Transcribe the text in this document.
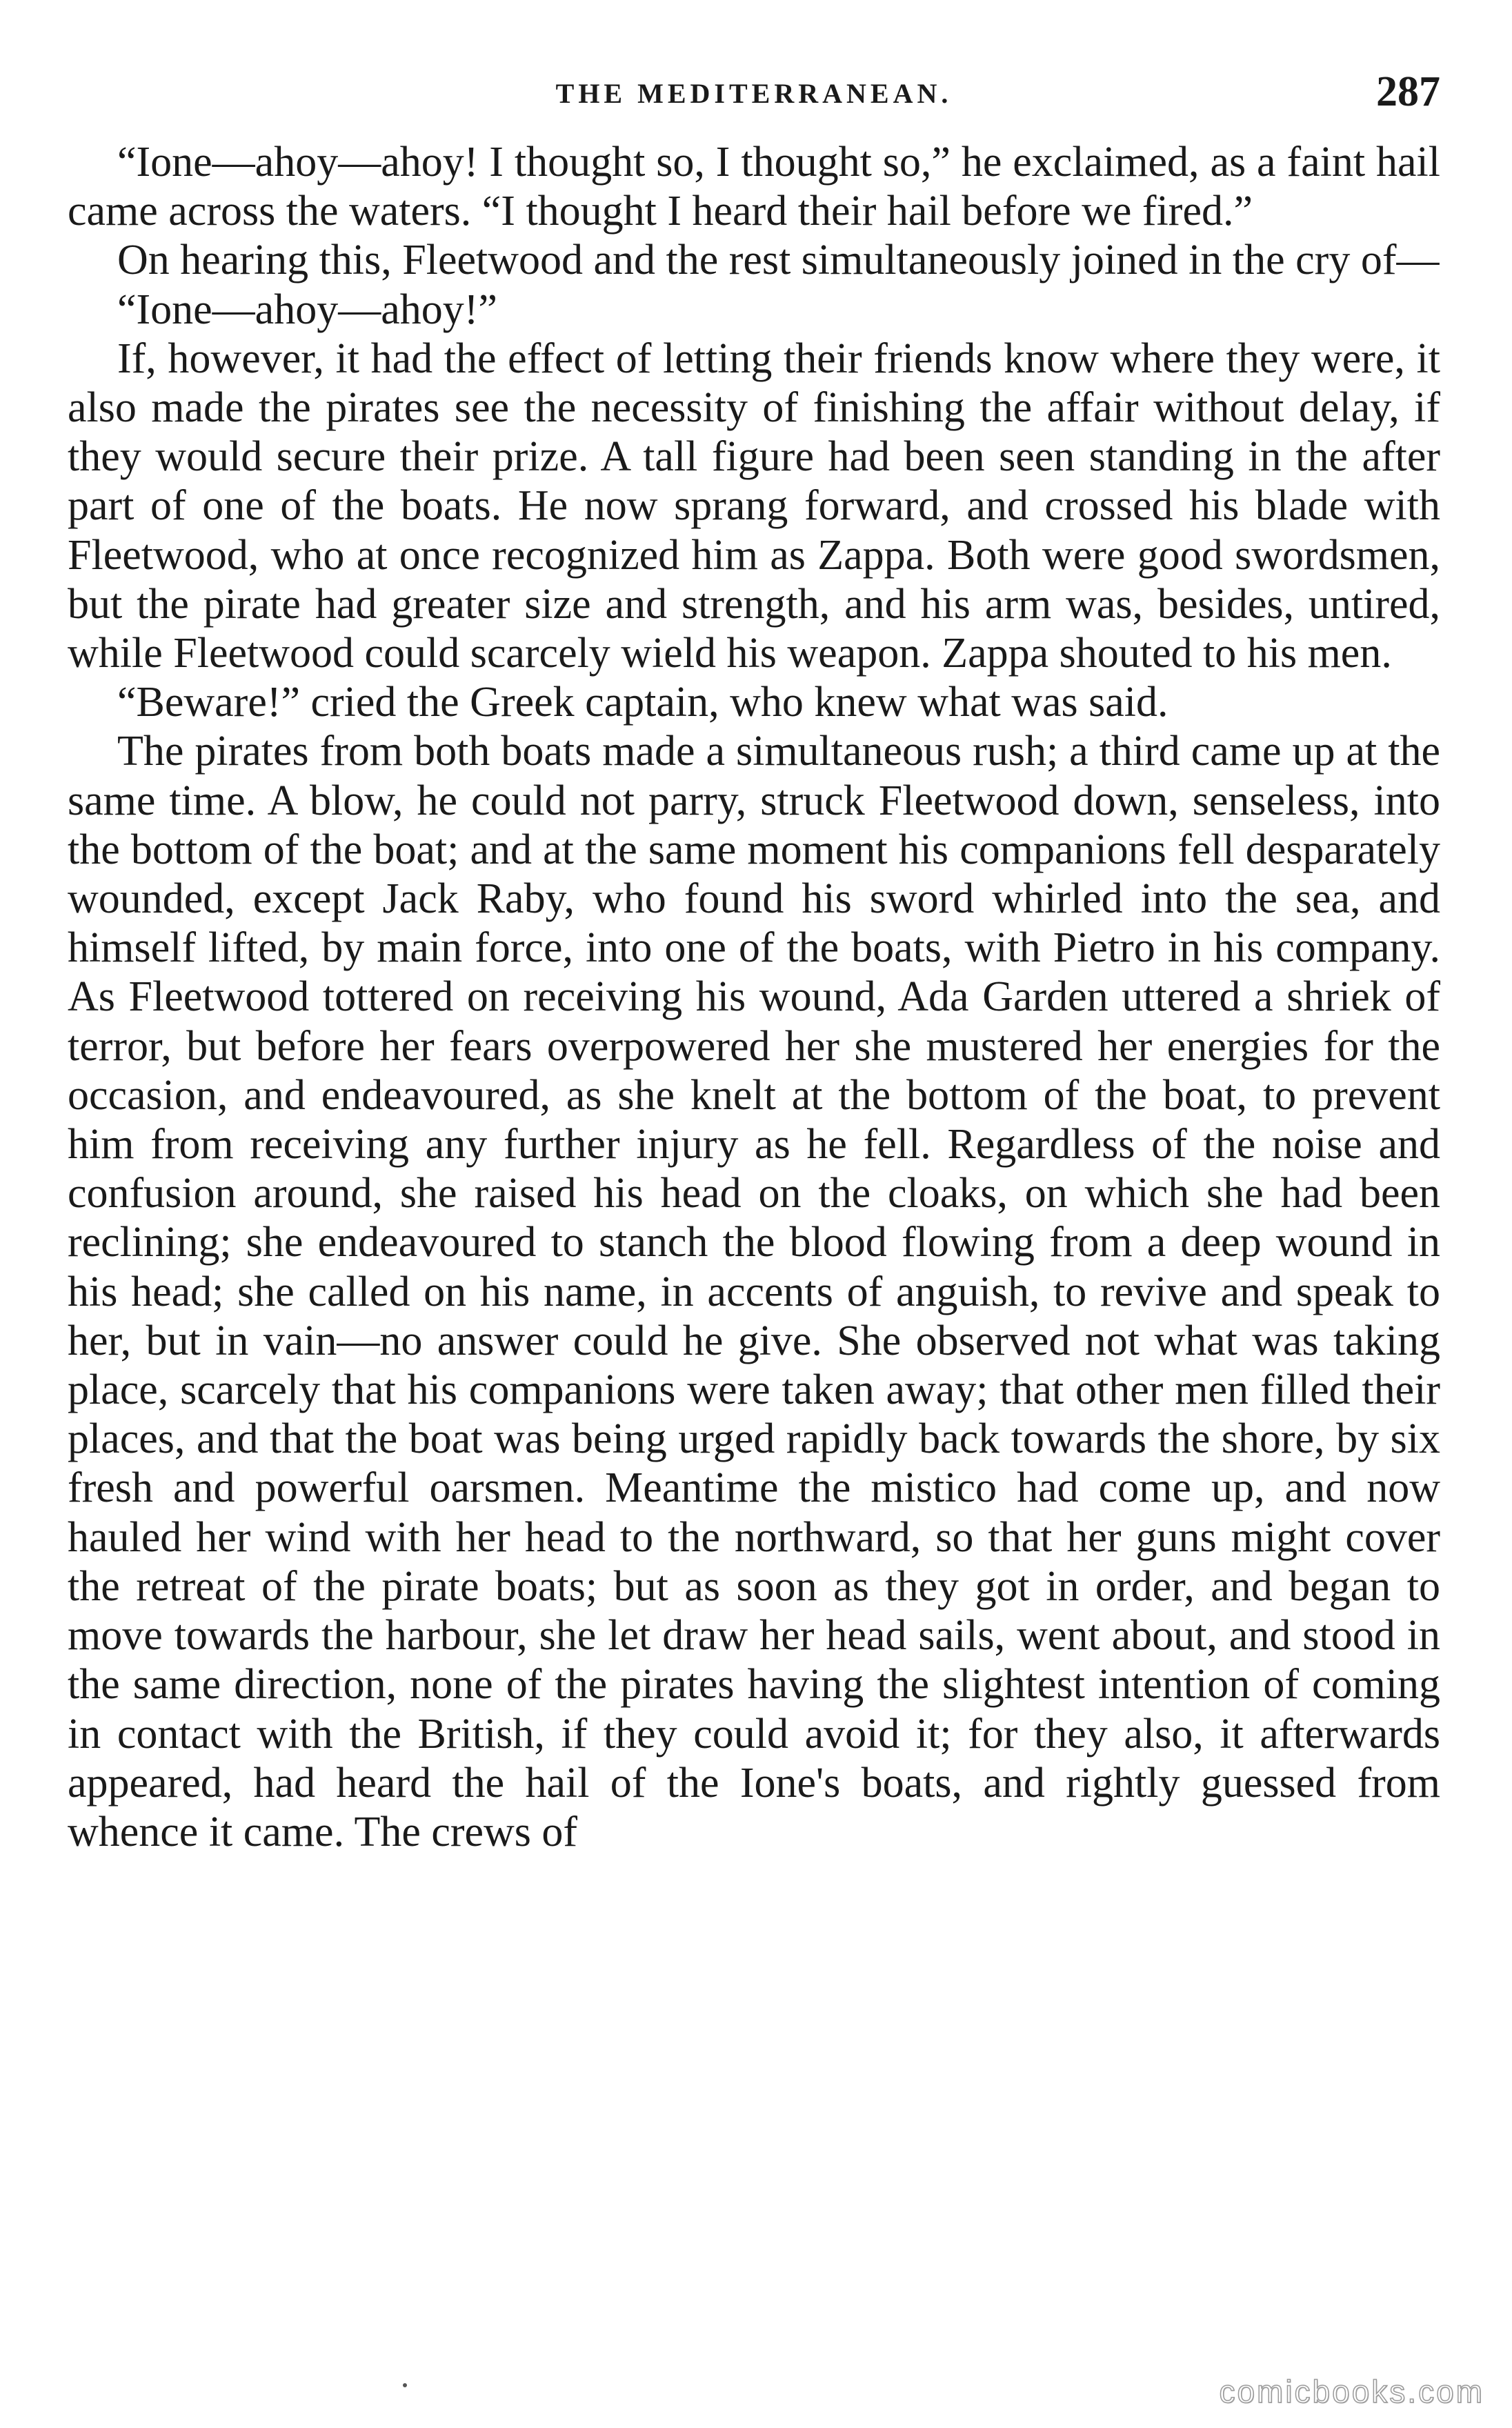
THE MEDITERRANEAN.	287

“Ione—ahoy—ahoy! I thought so, I thought so,” he exclaimed, as a faint hail came across the waters. “I thought I heard their hail before we fired.”

On hearing this, Fleetwood and the rest simultaneously joined in the cry of—

“Ione—ahoy—ahoy!”

If, however, it had the effect of letting their friends know where they were, it also made the pirates see the necessity of finishing the affair without delay, if they would secure their prize. A tall figure had been seen standing in the after part of one of the boats. He now sprang forward, and crossed his blade with Fleetwood, who at once recognized him as Zappa. Both were good swordsmen, but the pirate had greater size and strength, and his arm was, besides, untired, while Fleetwood could scarcely wield his weapon. Zappa shouted to his men.

“Beware!” cried the Greek captain, who knew what was said.

The pirates from both boats made a simultaneous rush; a third came up at the same time. A blow, he could not parry, struck Fleetwood down, senseless, into the bottom of the boat; and at the same moment his companions fell desparately wounded, except Jack Raby, who found his sword whirled into the sea, and himself lifted, by main force, into one of the boats, with Pietro in his company. As Fleetwood tottered on receiving his wound, Ada Garden uttered a shriek of terror, but before her fears overpowered her she mustered her energies for the occasion, and endeavoured, as she knelt at the bottom of the boat, to prevent him from receiving any further injury as he fell. Regardless of the noise and confusion around, she raised his head on the cloaks, on which she had been reclining; she endeavoured to stanch the blood flowing from a deep wound in his head; she called on his name, in accents of anguish, to revive and speak to her, but in vain—no answer could he give. She observed not what was taking place, scarcely that his companions were taken away; that other men filled their places, and that the boat was being urged rapidly back towards the shore, by six fresh and powerful oarsmen. Meantime the mistico had come up, and now hauled her wind with her head to the northward, so that her guns might cover the retreat of the pirate boats; but as soon as they got in order, and began to move towards the harbour, she let draw her head sails, went about, and stood in the same direction, none of the pirates having the slightest intention of coming in contact with the British, if they could avoid it; for they also, it afterwards appeared, had heard the hail of the Ione's boats, and rightly guessed from whence it came. The crews of

comicbooks.com
